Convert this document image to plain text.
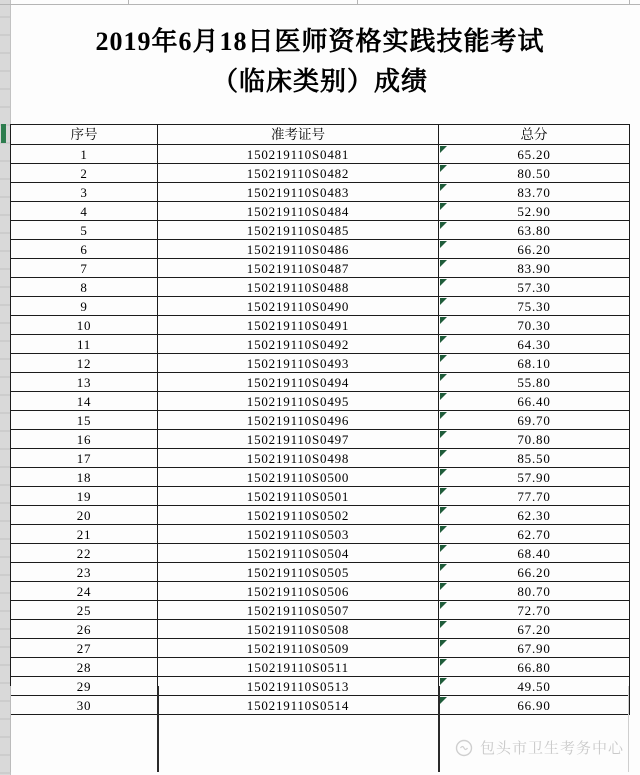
2019年6月18日医师资格实践技能考试
（临床类别）成绩
序号	准考证号	总分
1	150219110S0481	65.20
2	150219110S0482	80.50
3	150219110S0483	83.70
4	150219110S0484	52.90
5	150219110S0485	63.80
6	150219110S0486	66.20
7	150219110S0487	83.90
8	150219110S0488	57.30
9	150219110S0490	75.30
10	150219110S0491	70.30
11	150219110S0492	64.30
12	150219110S0493	68.10
13	150219110S0494	55.80
14	150219110S0495	66.40
15	150219110S0496	69.70
16	150219110S0497	70.80
17	150219110S0498	85.50
18	150219110S0500	57.90
19	150219110S0501	77.70
20	150219110S0502	62.30
21	150219110S0503	62.70
22	150219110S0504	68.40
23	150219110S0505	66.20
24	150219110S0506	80.70
25	150219110S0507	72.70
26	150219110S0508	67.20
27	150219110S0509	67.90
28	150219110S0511	66.80
29	150219110S0513	49.50
30	150219110S0514	66.90
包头市卫生考务中心
